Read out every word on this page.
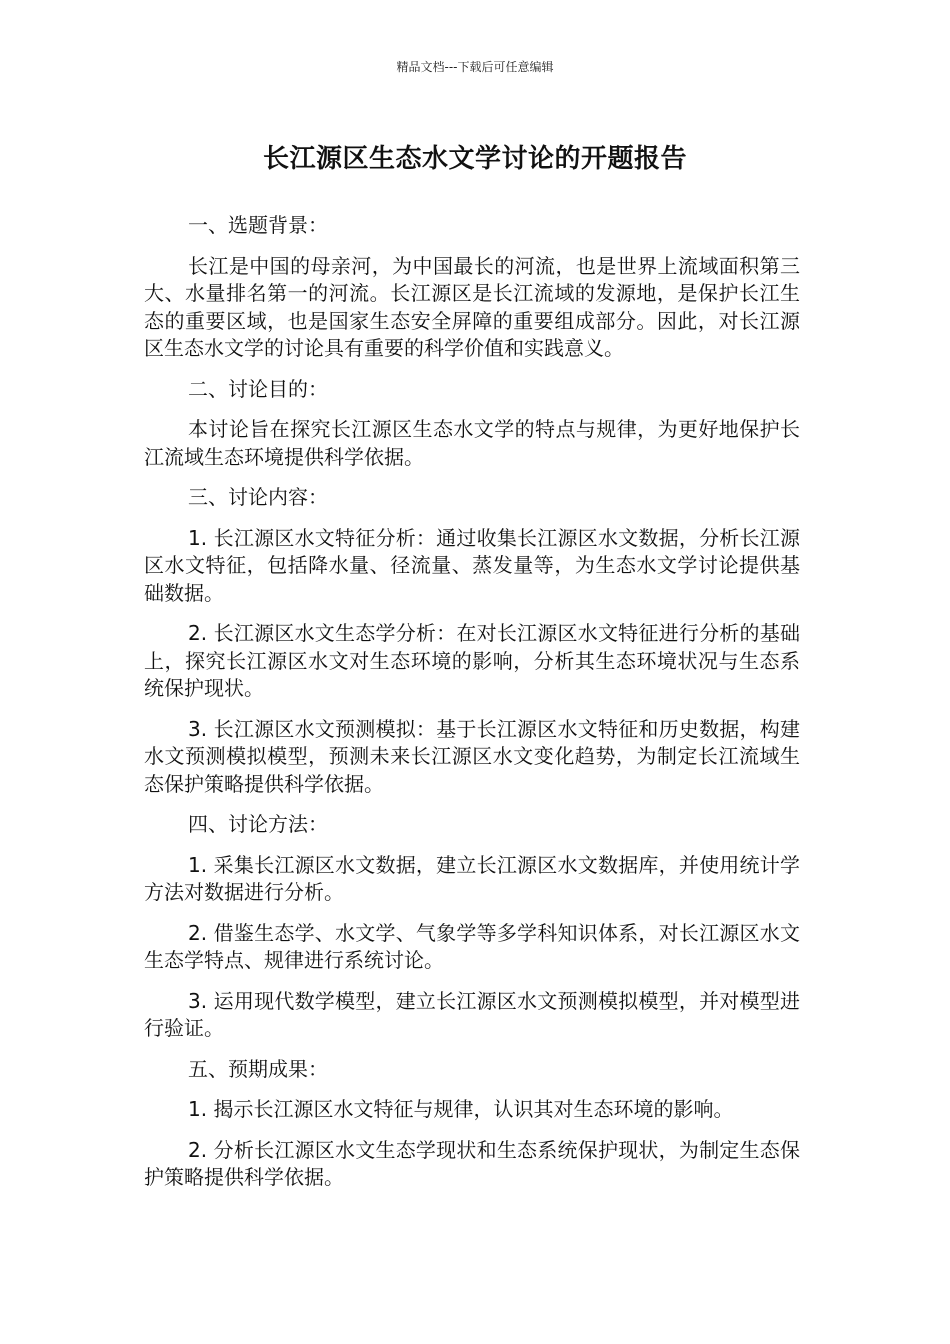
精品文档---下载后可任意编辑
长江源区生态水文学讨论的开题报告

一、选题背景：

长江是中国的母亲河，为中国最长的河流，也是世界上流域面积第三大、水量排名第一的河流。长江源区是长江流域的发源地，是保护长江生态的重要区域，也是国家生态安全屏障的重要组成部分。因此，对长江源区生态水文学的讨论具有重要的科学价值和实践意义。

二、讨论目的：

本讨论旨在探究长江源区生态水文学的特点与规律，为更好地保护长江流域生态环境提供科学依据。

三、讨论内容：

1. 长江源区水文特征分析：通过收集长江源区水文数据，分析长江源区水文特征，包括降水量、径流量、蒸发量等，为生态水文学讨论提供基础数据。

2. 长江源区水文生态学分析：在对长江源区水文特征进行分析的基础上，探究长江源区水文对生态环境的影响，分析其生态环境状况与生态系统保护现状。

3. 长江源区水文预测模拟：基于长江源区水文特征和历史数据，构建水文预测模拟模型，预测未来长江源区水文变化趋势，为制定长江流域生态保护策略提供科学依据。

四、讨论方法：

1. 采集长江源区水文数据，建立长江源区水文数据库，并使用统计学方法对数据进行分析。

2. 借鉴生态学、水文学、气象学等多学科知识体系，对长江源区水文生态学特点、规律进行系统讨论。

3. 运用现代数学模型，建立长江源区水文预测模拟模型，并对模型进行验证。

五、预期成果：

1. 揭示长江源区水文特征与规律，认识其对生态环境的影响。

2. 分析长江源区水文生态学现状和生态系统保护现状，为制定生态保护策略提供科学依据。
